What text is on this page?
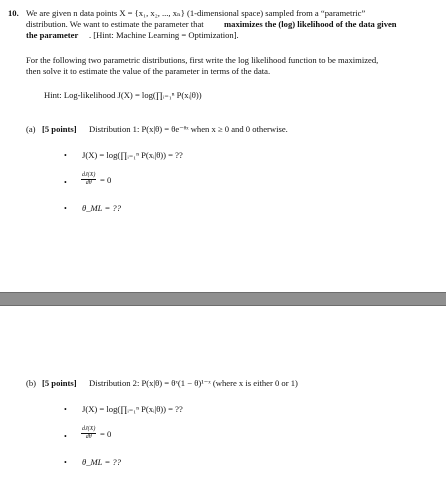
10. We are given n data points X = {x₁, x₂, ..., xₙ} (1-dimensional space) sampled from a “parametric”
distribution. We want to estimate the parameter that maximizes the (log) likelihood of the data given
the parameter . [Hint: Machine Learning = Optimization].
For the following two parametric distributions, first write the log likelihood function to be maximized,
then solve it to estimate the value of the parameter in terms of the data.
Hint: Log-likelihood J(X) = log(∏ᵢ₌₁ⁿ P(xᵢ|θ))
(a) [5 points] Distribution 1: P(x|θ) = θe⁻ᶿˣ when x ≥ 0 and 0 otherwise.
• J(X) = log(∏ᵢ₌₁ⁿ P(xᵢ|θ)) = ??
• $\frac{dJ(X)}{d\theta} = 0$
• θ_ML = ??
(b) [5 points] Distribution 2: P(x|θ) = θˣ(1 − θ)¹⁻ˣ (where x is either 0 or 1)
• J(X) = log(∏ᵢ₌₁ⁿ P(xᵢ|θ)) = ??
• $\frac{dJ(X)}{d\theta} = 0$
• θ_ML = ??
